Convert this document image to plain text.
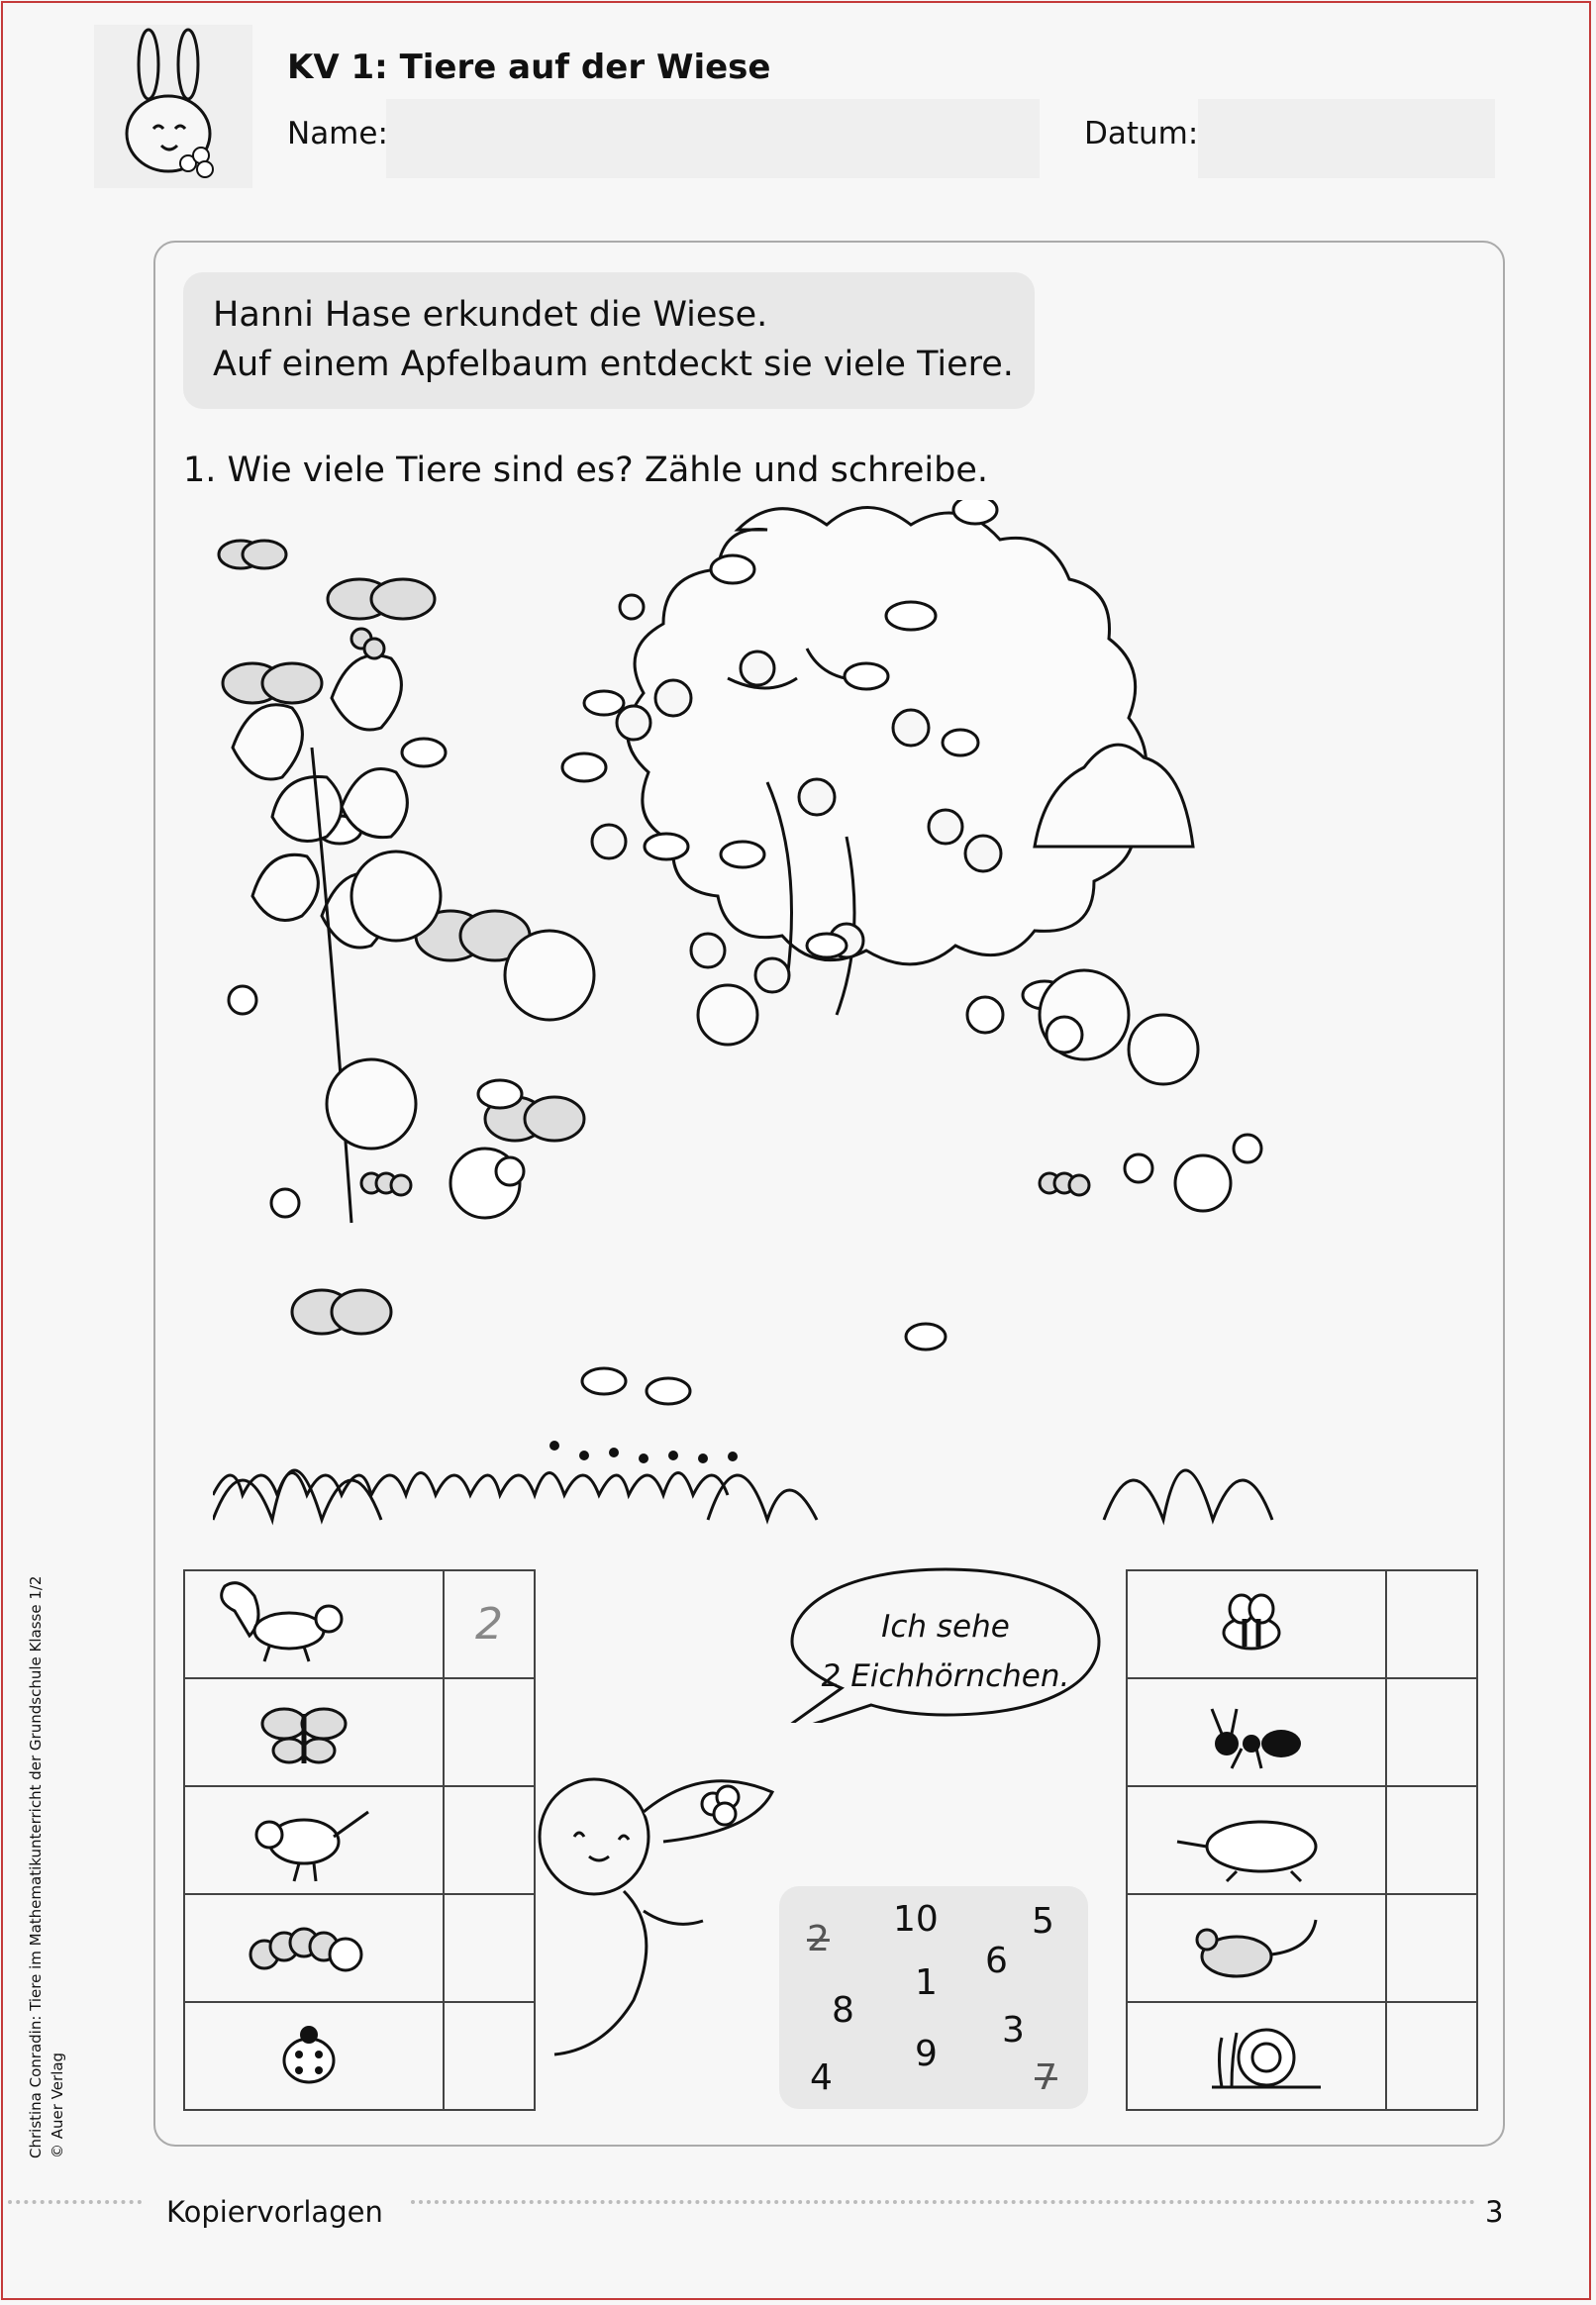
KV 1: Tiere auf der Wiese
Name:	Datum:
Hanni Hase erkundet die Wiese.
Auf einem Apfelbaum entdeckt sie viele Tiere.
1. Wie viele Tiere sind es? Zähle und schreibe.
	2

		Ich sehe
2 Eichhörnchen.
2 10	5
6
1
8	3
9
4	7
Christina Conradin: Tiere im Mathematikunterricht der Grundschule Klasse 1/2 © Auer Verlag
Kopiervorlagen	3
